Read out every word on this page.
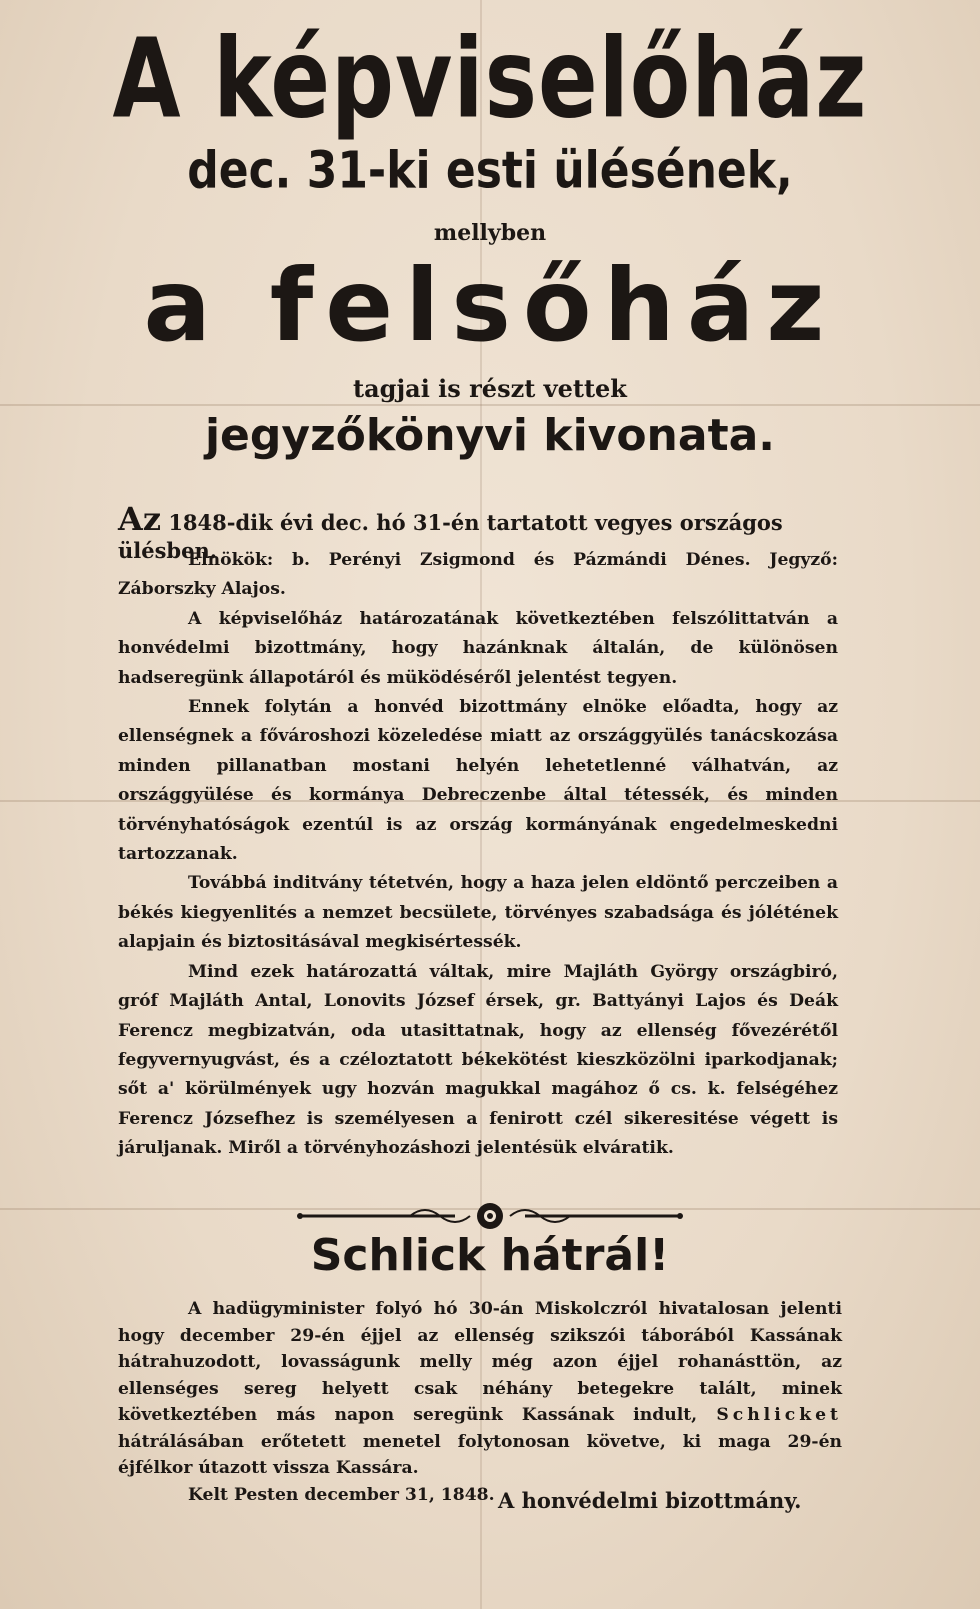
A képviselőház
dec. 31-ki esti ülésének,
mellyben
a felsőház
tagjai is részt vettek
jegyzőkönyvi kivonata.
Az 1848-dik évi dec. hó 31-én tartatott vegyes országos ülésben.

Elnökök: b. Perényi Zsigmond és Pázmándi Dénes. Jegyző: Záborszky Alajos.

A képviselőház határozatának következtében felszólittatván a honvédelmi bizottmány, hogy hazánknak általán, de különösen hadseregünk állapotáról és müködéséről jelentést tegyen.

Ennek folytán a honvéd bizottmány elnöke előadta, hogy az ellenségnek a fővároshozi közeledése miatt az országgyülés tanácskozása minden pillanatban mostani helyén lehetetlenné válhatván, az országgyülése és kormánya Debreczenbe által tétessék, és minden törvényhatóságok ezentúl is az ország kormányának engedelmeskedni tartozzanak.

Továbbá inditvány tétetvén, hogy a haza jelen eldöntő perczeiben a békés kiegyenlités a nemzet becsülete, törvényes szabadsága és jólétének alapjain és biztositásával megkisértessék.

Mind ezek határozattá váltak, mire Majláth György országbiró, gróf Majláth Antal, Lonovits József érsek, gr. Battyányi Lajos és Deák Ferencz megbizatván, oda utasittatnak, hogy az ellenség fővezérétől fegyvernyugvást, és a czéloztatott békekötést kieszközölni iparkodjanak; sőt a' körülmények ugy hozván magukkal magához ő cs. k. felségéhez Ferencz Józsefhez is személyesen a fenirott czél sikeresitése végett is járuljanak. Miről a törvényhozáshozi jelentésük elváratik.

Schlick hátrál!

A hadügyminister folyó hó 30-án Miskolczról hivatalosan jelenti hogy december 29-én éjjel az ellenség szikszói táborából Kassának hátrahuzodott, lovasságunk melly még azon éjjel rohanásttön, az ellenséges sereg helyett csak néhány betegekre talált, minek következtében más napon seregünk Kassának indult, Schlicket hátrálásában erőtetett menetel folytonosan követve, ki maga 29-én éjfélkor útazott vissza Kassára.

Kelt Pesten december 31, 1848. A honvédelmi bizottmány.
